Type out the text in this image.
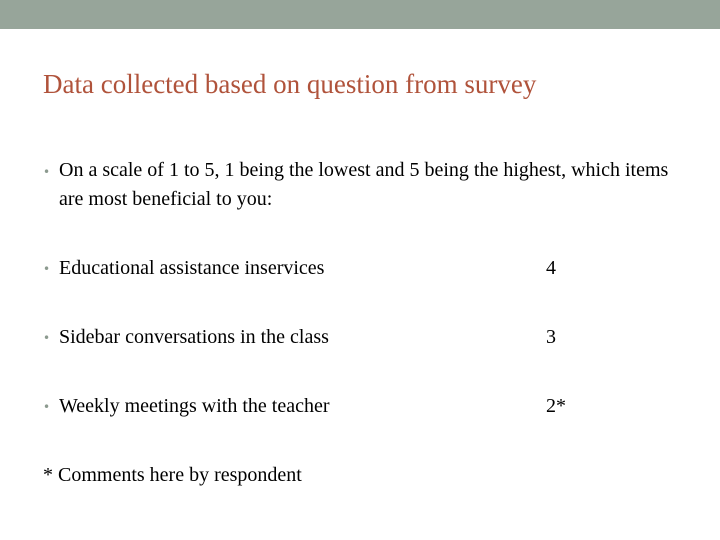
Data collected based on question from survey
• On a scale of 1 to 5, 1 being the lowest and 5 being the highest, which items are most beneficial to you:
• Educational assistance inservices	4
• Sidebar conversations in the class	3
• Weekly meetings with the teacher	2*
* Comments here by respondent
